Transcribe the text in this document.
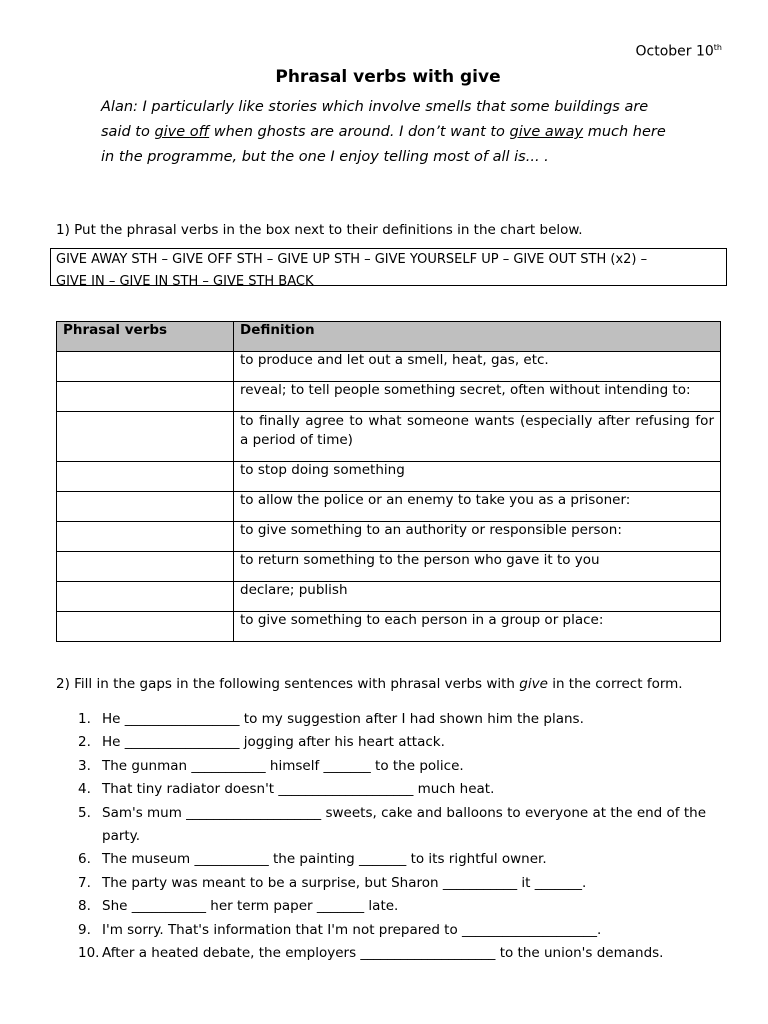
October 10th
Phrasal verbs with give
Alan: I particularly like stories which involve smells that some buildings are said to give off when ghosts are around. I don’t want to give away much here in the programme, but the one I enjoy telling most of all is... .
1) Put the phrasal verbs in the box next to their definitions in the chart below.
GIVE AWAY STH – GIVE OFF STH – GIVE UP STH – GIVE YOURSELF UP – GIVE OUT STH (x2) –
GIVE IN – GIVE IN STH – GIVE STH BACK
Phrasal verbs	Definition
	to produce and let out a smell, heat, gas, etc.
	reveal; to tell people something secret, often without intending to:
	to finally agree to what someone wants (especially after refusing for a period of time)
	to stop doing something
	to allow the police or an enemy to take you as a prisoner:
	to give something to an authority or responsible person:
	to return something to the person who gave it to you
	declare; publish
	to give something to each person in a group or place:
2) Fill in the gaps in the following sentences with phrasal verbs with give in the correct form.
1. He _________________ to my suggestion after I had shown him the plans.
2. He _________________ jogging after his heart attack.
3. The gunman ___________ himself _______ to the police.
4. That tiny radiator doesn't ____________________ much heat.
5. Sam's mum ____________________ sweets, cake and balloons to everyone at the end of the party.
6. The museum ___________ the painting _______ to its rightful owner.
7. The party was meant to be a surprise, but Sharon ___________ it _______.
8. She ___________ her term paper _______ late.
9. I'm sorry. That's information that I'm not prepared to ____________________.
10. After a heated debate, the employers ____________________ to the union's demands.
